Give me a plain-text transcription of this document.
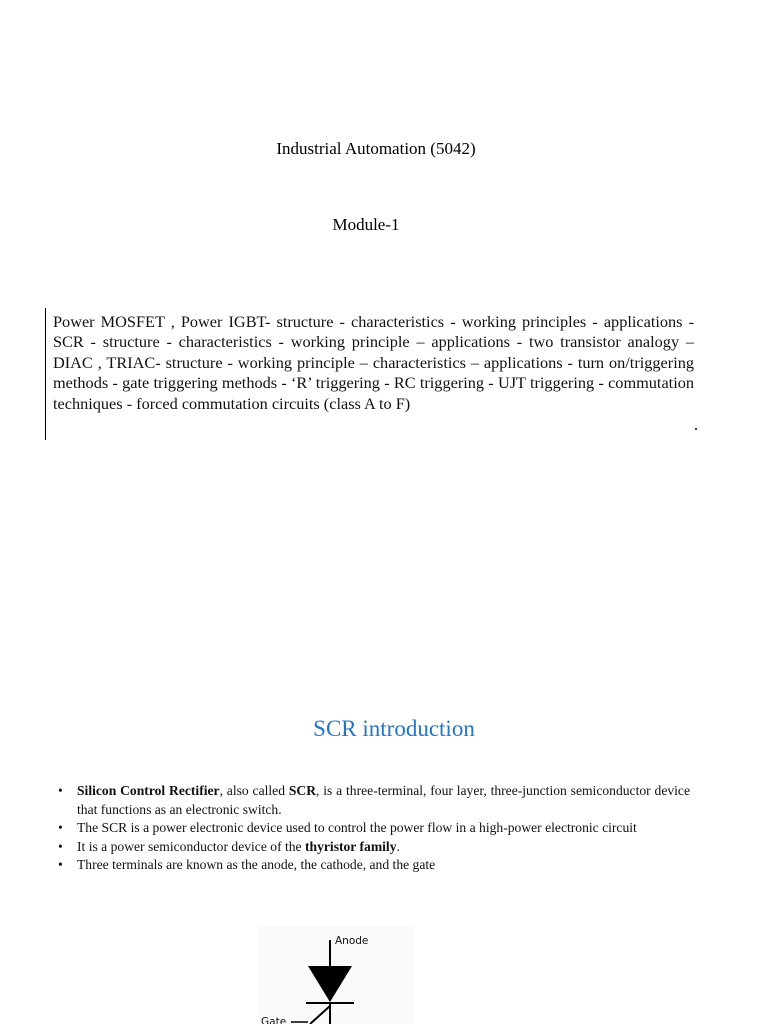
Industrial Automation (5042)
Module-1

Power MOSFET , Power IGBT- structure - characteristics - working principles - applications - SCR - structure - characteristics - working principle – applications - two transistor analogy – DIAC , TRIAC- structure - working principle – characteristics – applications - turn on/triggering methods - gate triggering methods - ‘R’ triggering - RC triggering - UJT triggering - commutation techniques - forced commutation circuits (class A to F)

SCR introduction
• Silicon Control Rectifier, also called SCR, is a three-terminal, four layer, three-junction semiconductor device that functions as an electronic switch.
• The SCR is a power electronic device used to control the power flow in a high-power electronic circuit
• It is a power semiconductor device of the thyristor family.
• Three terminals are known as the anode, the cathode, and the gate
Anode
Gate
